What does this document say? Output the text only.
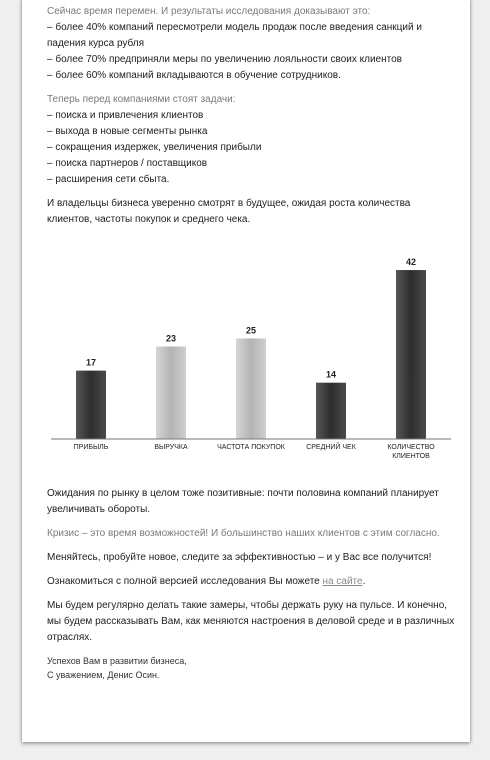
Сейчас время перемен. И результаты исследования доказывают это:

– более 40% компаний пересмотрели модель продаж после введения санкций и падения курса рубля
– более 70% предприняли меры по увеличению лояльности своих клиентов
– более 60% компаний вкладываются в обучение сотрудников.

Теперь перед компаниями стоят задачи:

– поиска и привлечения клиентов
– выхода в новые сегменты рынка
– сокращения издержек, увеличения прибыли
– поиска партнеров / поставщиков
– расширения сети сбыта.

И владельцы бизнеса уверенно смотрят в будущее, ожидая роста количества клиентов, частоты покупок и среднего чека.

Ожидания по рынку в целом тоже позитивные: почти половина компаний планирует увеличивать обороты.

Кризис – это время возможностей! И большинство наших клиентов с этим согласно.

Меняйтесь, пробуйте новое, следите за эффективностью – и у Вас все получится!

Ознакомиться с полной версией исследования Вы можете на сайте.

Мы будем регулярно делать такие замеры, чтобы держать руку на пульсе. И конечно, мы будем рассказывать Вам, как меняются настроения в деловой среде и в различных отраслях.

Успехов Вам в развитии бизнеса,

С уважением, Денис Осин.

17
ПРИБЫЛЬ
23
ВЫРУЧКА
25
ЧАСТОТА ПОКУПОК
14
СРЕДНИЙ ЧЕК
42
КОЛИЧЕСТВО
КЛИЕНТОВ
